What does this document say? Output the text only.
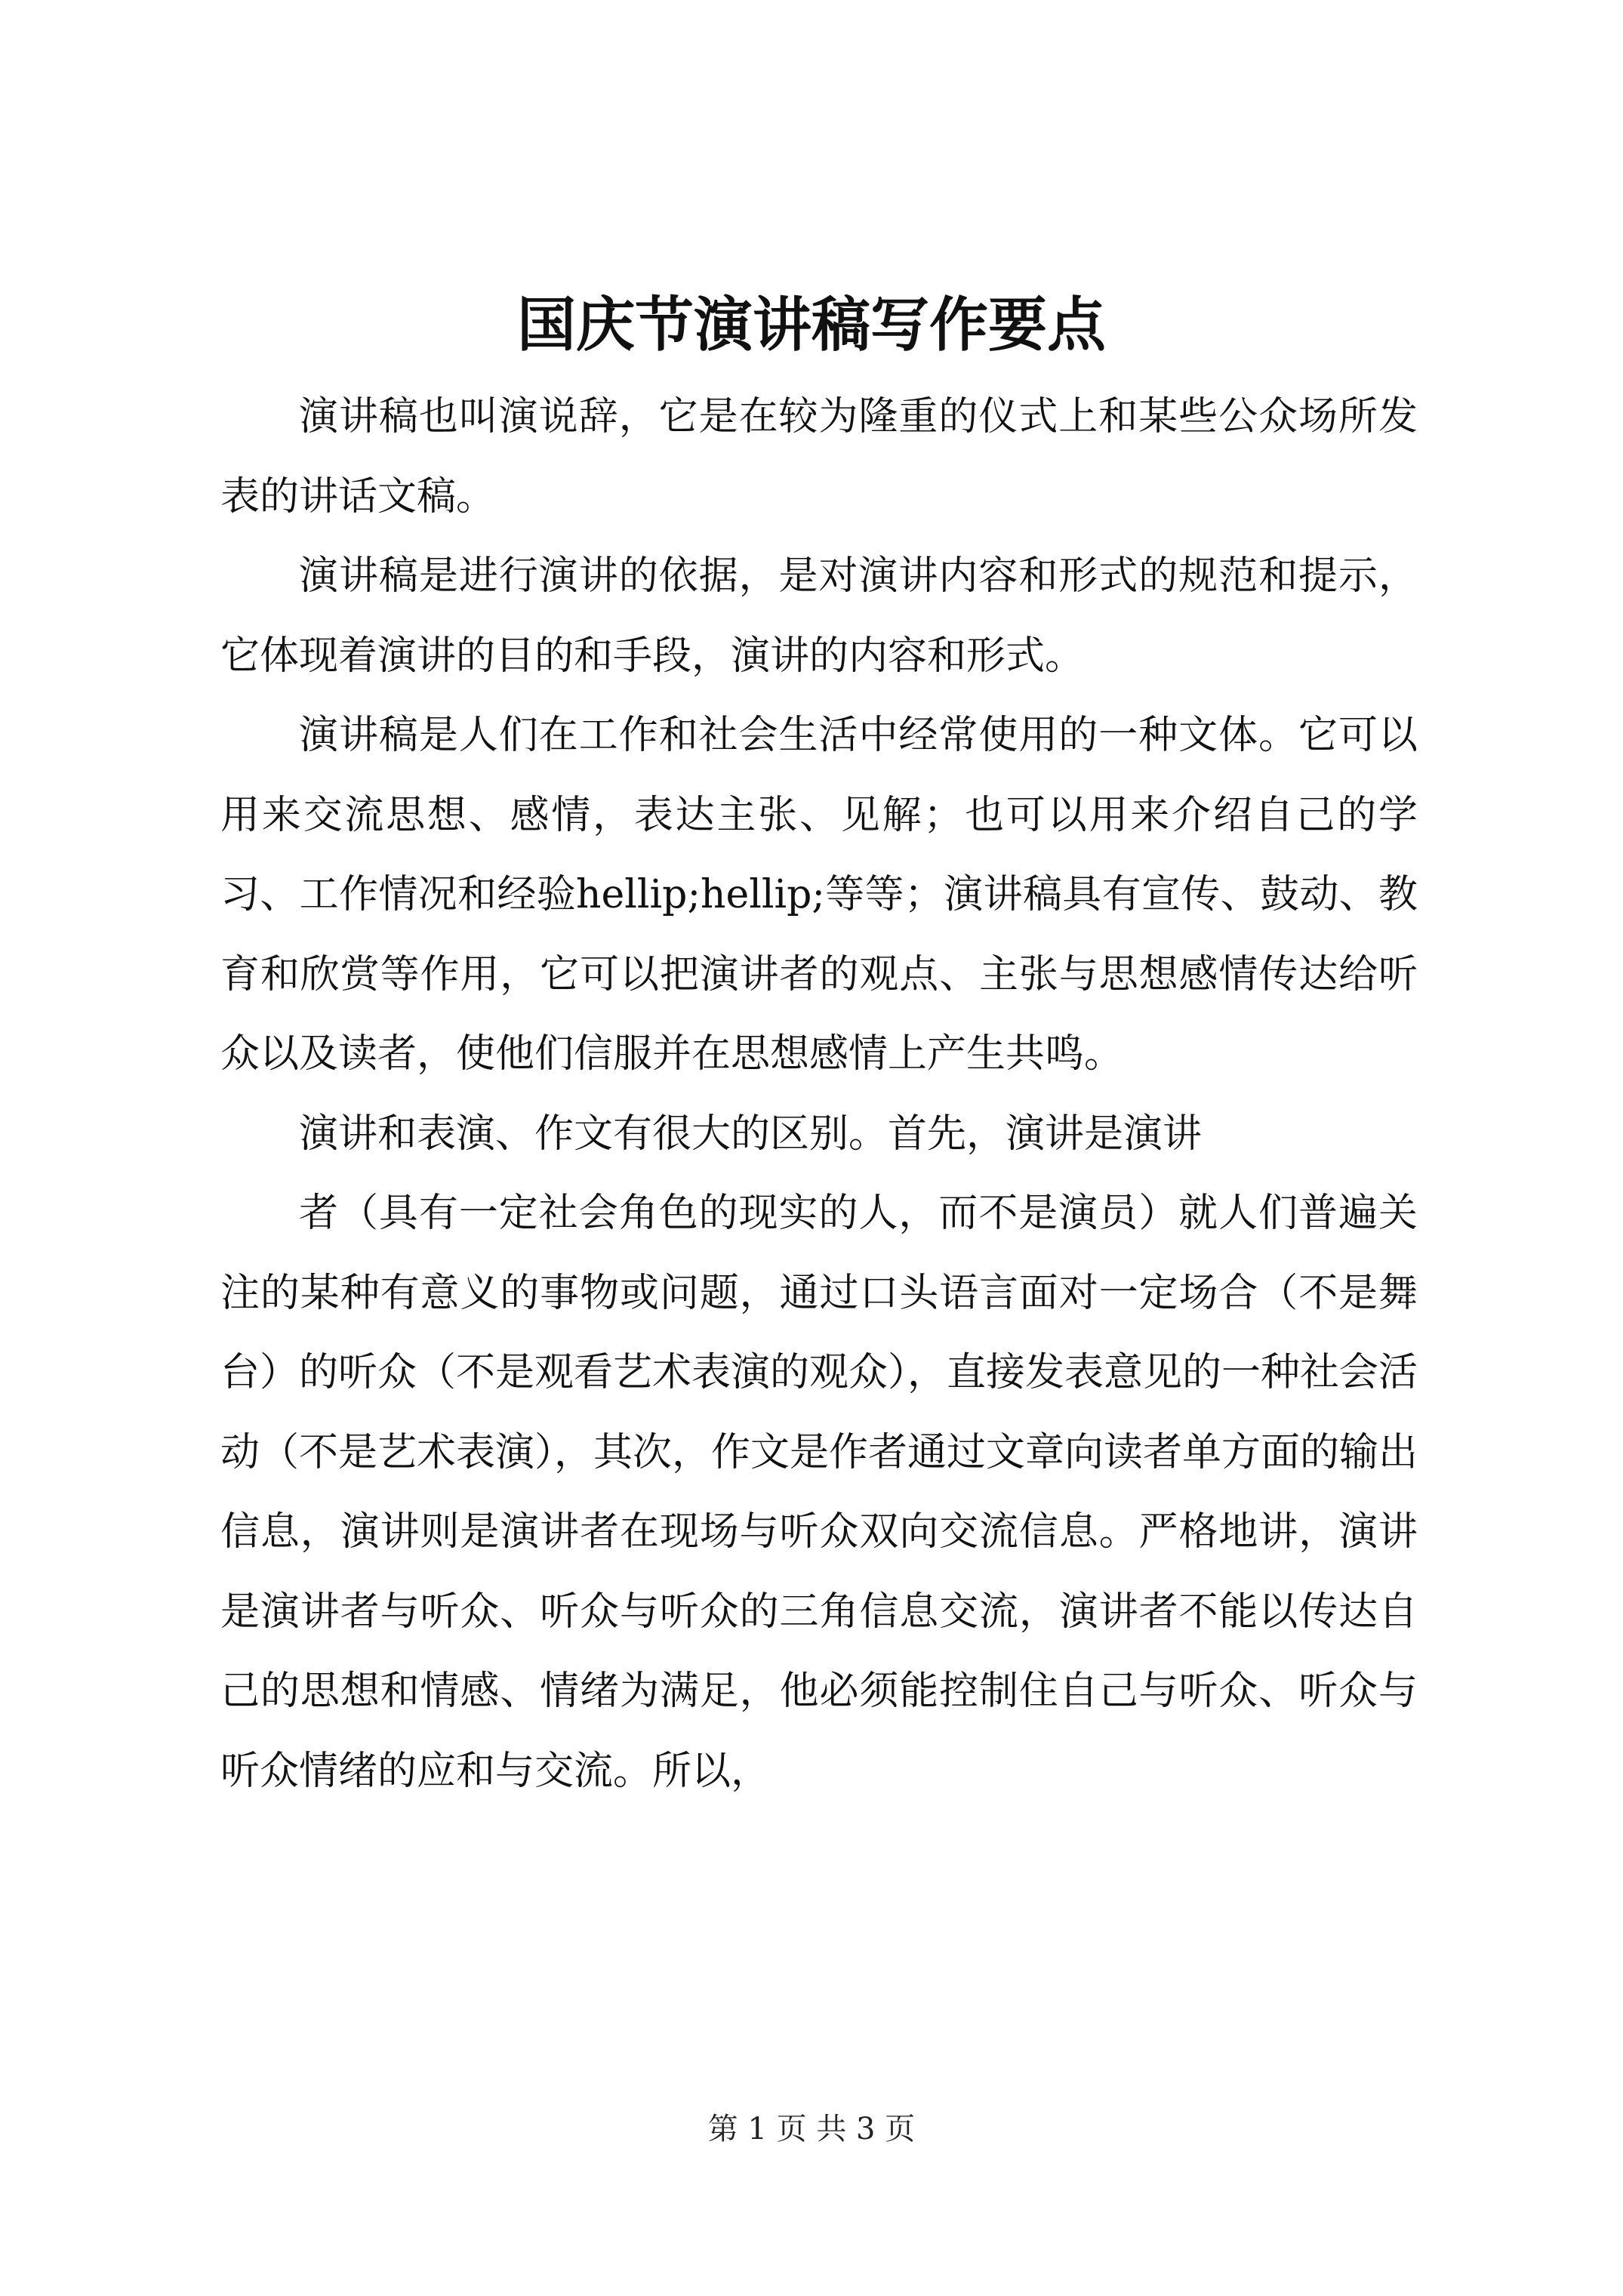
国庆节演讲稿写作要点

演讲稿也叫演说辞，它是在较为隆重的仪式上和某些公众场所发表的讲话文稿。

演讲稿是进行演讲的依据，是对演讲内容和形式的规范和提示，它体现着演讲的目的和手段，演讲的内容和形式。

演讲稿是人们在工作和社会生活中经常使用的一种文体。它可以用来交流思想、感情，表达主张、见解；也可以用来介绍自己的学习、工作情况和经验hellip;hellip;等等；演讲稿具有宣传、鼓动、教育和欣赏等作用，它可以把演讲者的观点、主张与思想感情传达给听众以及读者，使他们信服并在思想感情上产生共鸣。

演讲和表演、作文有很大的区别。首先，演讲是演讲

者（具有一定社会角色的现实的人，而不是演员）就人们普遍关注的某种有意义的事物或问题，通过口头语言面对一定场合（不是舞台）的听众（不是观看艺术表演的观众），直接发表意见的一种社会活动（不是艺术表演），其次，作文是作者通过文章向读者单方面的输出信息，演讲则是演讲者在现场与听众双向交流信息。严格地讲，演讲是演讲者与听众、听众与听众的三角信息交流，演讲者不能以传达自己的思想和情感、情绪为满足，他必须能控制住自己与听众、听众与听众情绪的应和与交流。所以，

第 1 页 共 3 页
